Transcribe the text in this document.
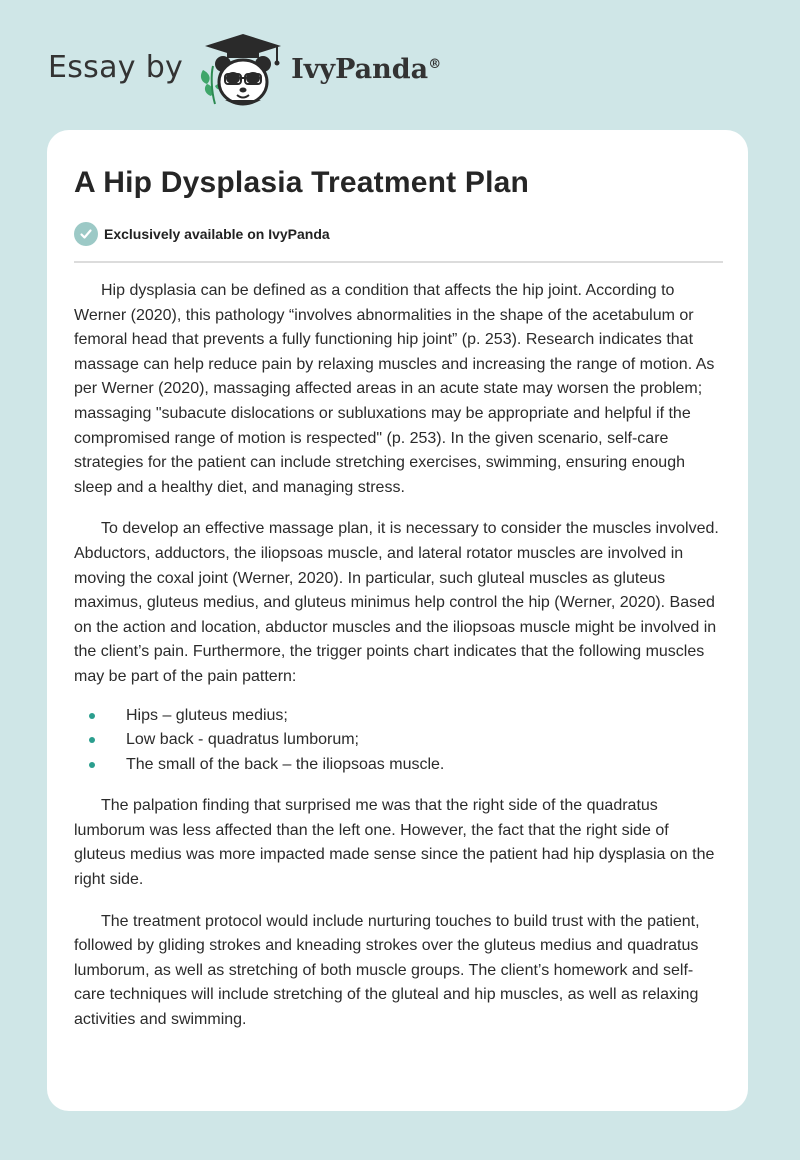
Essay by	IvyPanda®
A Hip Dysplasia Treatment Plan
Exclusively available on IvyPanda

Hip dysplasia can be defined as a condition that affects the hip joint. According to Werner (2020), this pathology “involves abnormalities in the shape of the acetabulum or femoral head that prevents a fully functioning hip joint” (p. 253). Research indicates that massage can help reduce pain by relaxing muscles and increasing the range of motion. As per Werner (2020), massaging affected areas in an acute state may worsen the problem; massaging "subacute dislocations or subluxations may be appropriate and helpful if the compromised range of motion is respected" (p. 253). In the given scenario, self-care strategies for the patient can include stretching exercises, swimming, ensuring enough sleep and a healthy diet, and managing stress.

To develop an effective massage plan, it is necessary to consider the muscles involved. Abductors, adductors, the iliopsoas muscle, and lateral rotator muscles are involved in moving the coxal joint (Werner, 2020). In particular, such gluteal muscles as gluteus maximus, gluteus medius, and gluteus minimus help control the hip (Werner, 2020). Based on the action and location, abductor muscles and the iliopsoas muscle might be involved in the client’s pain. Furthermore, the trigger points chart indicates that the following muscles may be part of the pain pattern:

Hips – gluteus medius;
Low back - quadratus lumborum;
The small of the back – the iliopsoas muscle.

The palpation finding that surprised me was that the right side of the quadratus lumborum was less affected than the left one. However, the fact that the right side of gluteus medius was more impacted made sense since the patient had hip dysplasia on the right side.

The treatment protocol would include nurturing touches to build trust with the patient, followed by gliding strokes and kneading strokes over the gluteus medius and quadratus lumborum, as well as stretching of both muscle groups. The client’s homework and self-care techniques will include stretching of the gluteal and hip muscles, as well as relaxing activities and swimming.
